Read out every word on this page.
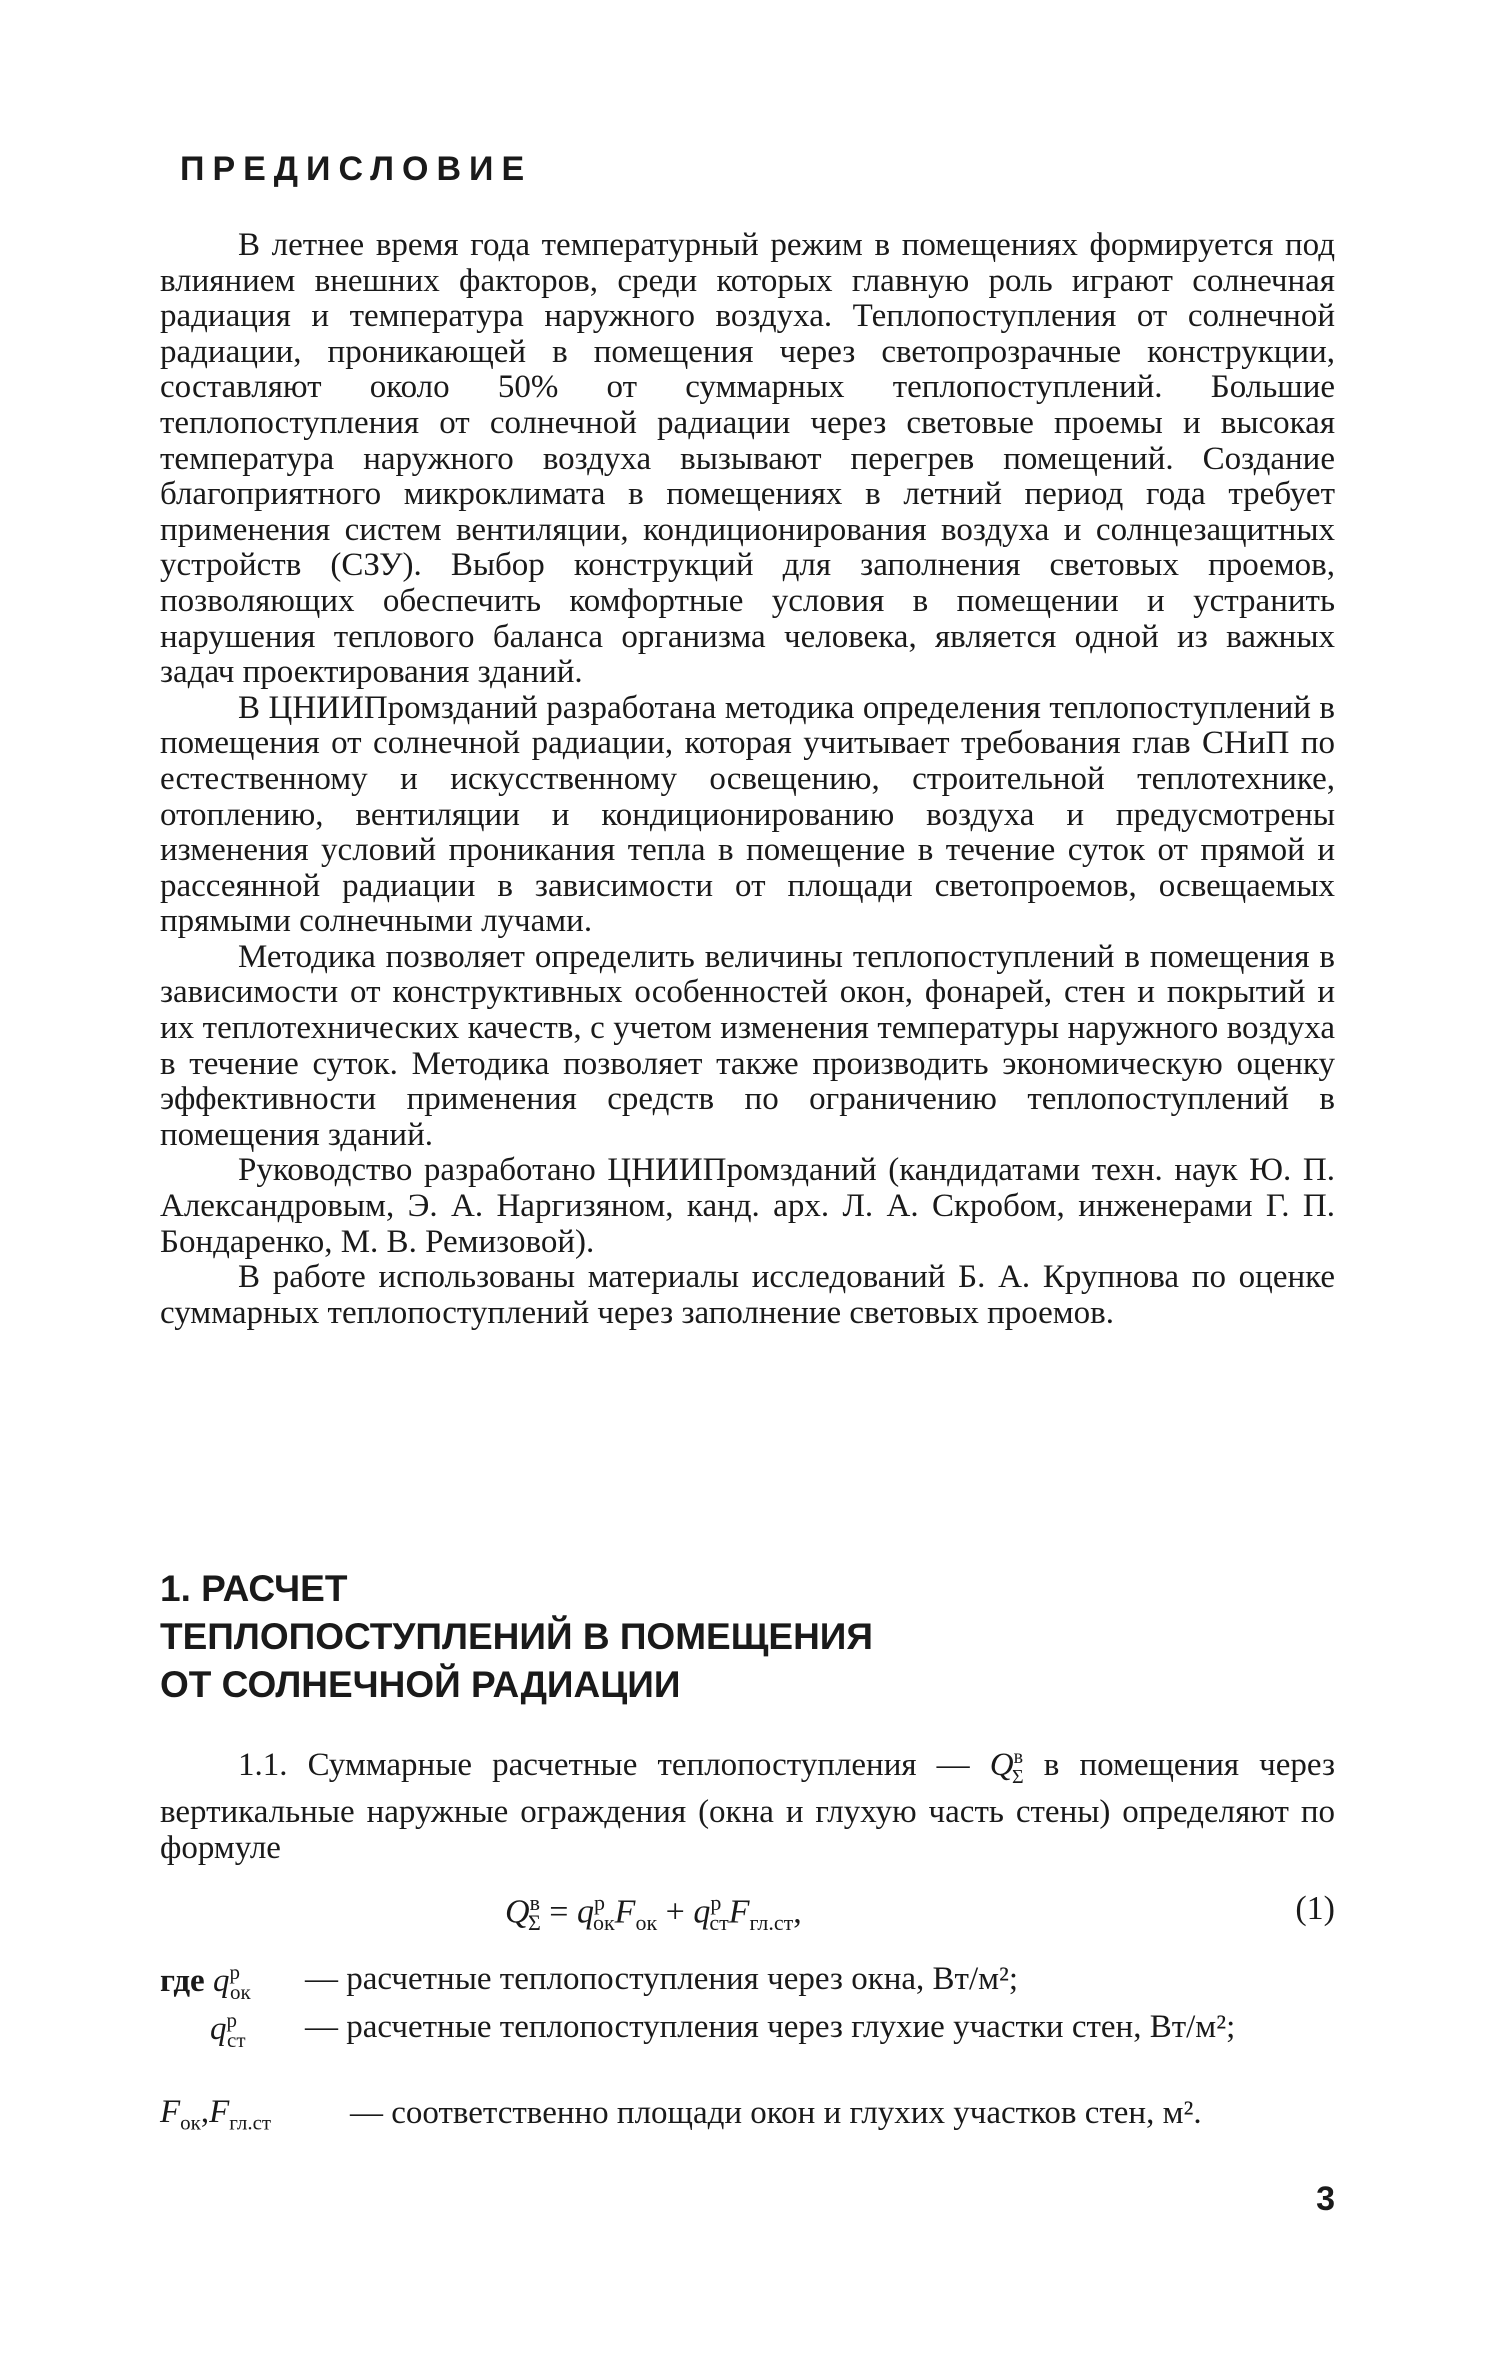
ПРЕДИСЛОВИЕ

В летнее время года температурный режим в помещениях формируется под влиянием внешних факторов, среди которых главную роль играют солнечная радиация и температура наружного воздуха. Теплопоступления от солнечной радиации, проникающей в помещения через светопрозрачные конструкции, составляют около 50% от суммарных теплопоступлений. Большие теплопоступления от солнечной радиации через световые проемы и высокая температура наружного воздуха вызывают перегрев помещений. Создание благоприятного микроклимата в помещениях в летний период года требует применения систем вентиляции, кондиционирования воздуха и солнцезащитных устройств (СЗУ). Выбор конструкций для заполнения световых проемов, позволяющих обеспечить комфортные условия в помещении и устранить нарушения теплового баланса организма человека, является одной из важных задач проектирования зданий.

В ЦНИИПромзданий разработана методика определения теплопоступлений в помещения от солнечной радиации, которая учитывает требования глав СНиП по естественному и искусственному освещению, строительной теплотехнике, отоплению, вентиляции и кондиционированию воздуха и предусмотрены изменения условий проникания тепла в помещение в течение суток от прямой и рассеянной радиации в зависимости от площади светопроемов, освещаемых прямыми солнечными лучами.

Методика позволяет определить величины теплопоступлений в помещения в зависимости от конструктивных особенностей окон, фонарей, стен и покрытий и их теплотехнических качеств, с учетом изменения температуры наружного воздуха в течение суток. Методика позволяет также производить экономическую оценку эффективности применения средств по ограничению теплопоступлений в помещения зданий.

Руководство разработано ЦНИИПромзданий (кандидатами техн. наук Ю. П. Александровым, Э. А. Наргизяном, канд. арх. Л. А. Скробом, инженерами Г. П. Бондаренко, М. В. Ремизовой).

В работе использованы материалы исследований Б. А. Крупнова по оценке суммарных теплопоступлений через заполнение световых проемов.

1. РАСЧЕТ
ТЕПЛОПОСТУПЛЕНИЙ В ПОМЕЩЕНИЯ
ОТ СОЛНЕЧНОЙ РАДИАЦИИ

1.1. Суммарные расчетные теплопоступления — $Q^в_\Sigma$ в помещения через вертикальные наружные ограждения (окна и глухую часть стены) определяют по формуле

$Q^в_\Sigma = q^р_{ок}F_{ок} + q^р_{ст}F_{гл.ст}$,	(1)
где $q^р_{ок}$ — расчетные теплопоступления через окна, Вт/м²;
$q^р_{ст}$ — расчетные теплопоступления через глухие участки стен, Вт/м²;
$F_{ок},F_{гл.ст}$ — соответственно площади окон и глухих участков стен, м².
3
